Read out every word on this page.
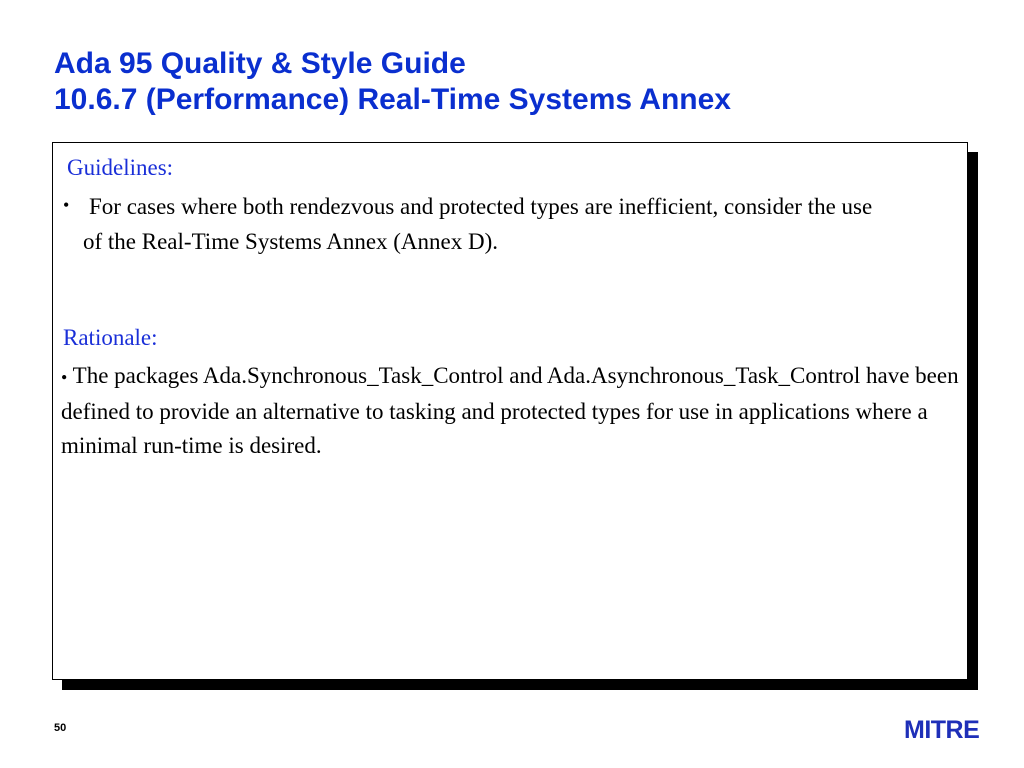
Ada 95 Quality & Style Guide
10.6.7 (Performance) Real-Time Systems Annex
Guidelines:
• For cases where both rendezvous and protected types are inefficient, consider the use of the Real-Time Systems Annex (Annex D).
Rationale:
• The packages Ada.Synchronous_Task_Control and Ada.Asynchronous_Task_Control have been defined to provide an alternative to tasking and protected types for use in applications where a minimal run-time is desired.
50	MITRE
